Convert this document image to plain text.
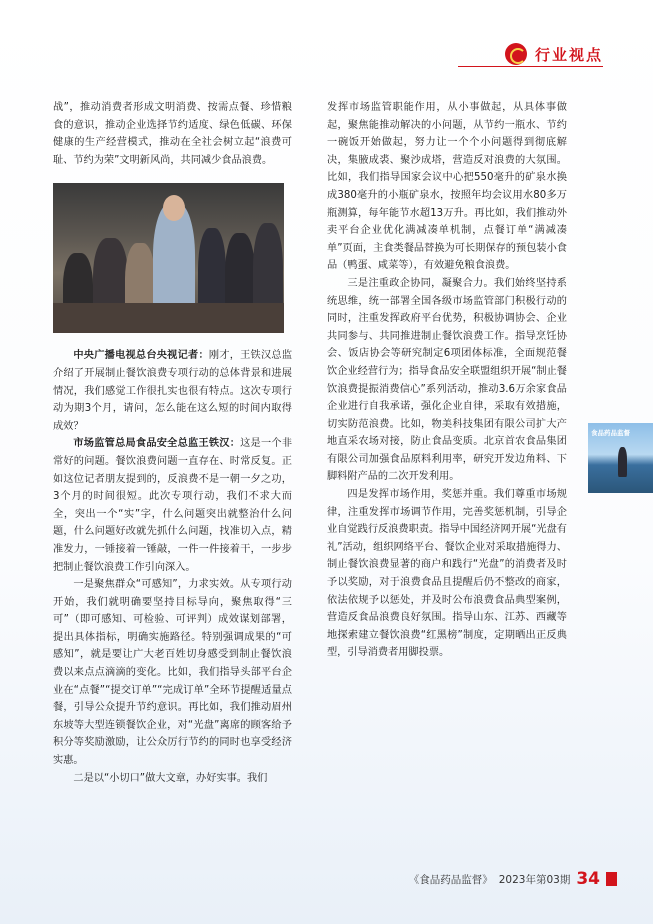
行业视点

战”，推动消费者形成文明消费、按需点餐、珍惜粮食的意识，推动企业选择节约适度、绿色低碳、环保健康的生产经营模式，推动在全社会树立起“浪费可耻、节约为荣”文明新风尚，共同减少食品浪费。

中央广播电视总台央视记者：刚才，王铁汉总监介绍了开展制止餐饮浪费专项行动的总体背景和进展情况，我们感觉工作很扎实也很有特点。这次专项行动为期3个月，请问，怎么能在这么短的时间内取得成效？

市场监管总局食品安全总监王铁汉：这是一个非常好的问题。餐饮浪费问题一直存在、时常反复。正如这位记者朋友提到的，反浪费不是一朝一夕之功，3个月的时间很短。此次专项行动，我们不求大而全，突出一个“实”字，什么问题突出就整治什么问题，什么问题好改就先抓什么问题，找准切入点，精准发力，一锤接着一锤敲，一件一件接着干，一步步把制止餐饮浪费工作引向深入。

一是聚焦群众“可感知”，力求实效。从专项行动开始，我们就明确要坚持目标导向，聚焦取得“三可”（即可感知、可检验、可评判）成效谋划部署，提出具体指标，明确实施路径。特别强调成果的“可感知”，就是要让广大老百姓切身感受到制止餐饮浪费以来点点滴滴的变化。比如，我们指导头部平台企业在“点餐”“提交订单”“完成订单”全环节提醒适量点餐，引导公众提升节约意识。再比如，我们推动眉州东坡等大型连锁餐饮企业，对“光盘”离席的顾客给予积分等奖励激励，让公众厉行节约的同时也享受经济实惠。

二是以“小切口”做大文章，办好实事。我们

发挥市场监管职能作用，从小事做起，从具体事做起，聚焦能推动解决的小问题，从节约一瓶水、节约一碗饭开始做起，努力让一个个小问题得到彻底解决，集腋成裘、聚沙成塔，营造反对浪费的大氛围。比如，我们指导国家会议中心把550毫升的矿泉水换成380毫升的小瓶矿泉水，按照年均会议用水80多万瓶测算，每年能节水超13万升。再比如，我们推动外卖平台企业优化满减凑单机制，点餐订单“满减凑单”页面，主食类餐品替换为可长期保存的预包装小食品（鸭蛋、咸菜等），有效避免粮食浪费。

三是注重政企协同，凝聚合力。我们始终坚持系统思维，统一部署全国各级市场监管部门积极行动的同时，注重发挥政府平台优势，积极协调协会、企业共同参与、共同推进制止餐饮浪费工作。指导烹饪协会、饭店协会等研究制定6项团体标准，全面规范餐饮企业经营行为；指导食品安全联盟组织开展“制止餐饮浪费提振消费信心”系列活动，推动3.6万余家食品企业进行自我承诺，强化企业自律，采取有效措施，切实防范浪费。比如，物美科技集团有限公司扩大产地直采农场对接，防止食品变质。北京首农食品集团有限公司加强食品原料利用率，研究开发边角料、下脚料附产品的二次开发利用。

四是发挥市场作用，奖惩并重。我们尊重市场规律，注重发挥市场调节作用，完善奖惩机制，引导企业自觉践行反浪费职责。指导中国经济网开展“光盘有礼”活动，组织网络平台、餐饮企业对采取措施得力、制止餐饮浪费显著的商户和践行“光盘”的消费者及时予以奖励，对于浪费食品且提醒后仍不整改的商家，依法依规予以惩处，并及时公布浪费食品典型案例，营造反食品浪费良好氛围。指导山东、江苏、西藏等地探索建立餐饮浪费“红黑榜”制度，定期晒出正反典型，引导消费者用脚投票。

食品药品监督
《食品药品监督》 2023年第03期 34
